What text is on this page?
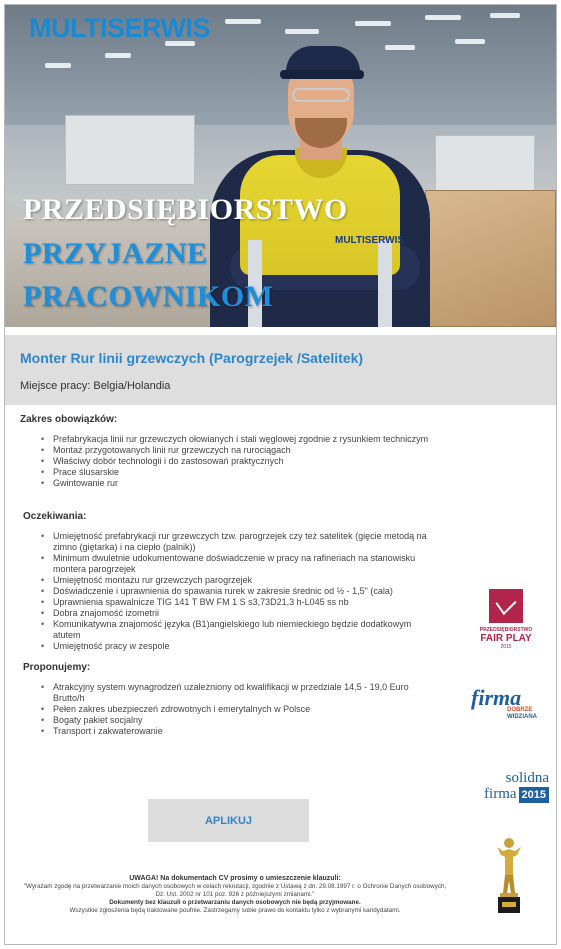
MULTISERWIS
MULTISERWIS
PRZEDSIĘBIORSTWO
PRZYJAZNE
PRACOWNIKOM
Monter Rur linii grzewczych (Parogrzejek /Satelitek)
Miejsce pracy: Belgia/Holandia
Zakres obowiązków:
• Prefabrykacja linii rur grzewczych ołowianych i stali węglowej zgodnie z rysunkiem techniczym
• Montaż przygotowanych linii rur grzewczych na rurociągach
• Właściwy dobór technologii i do zastosowań praktycznych
• Prace ślusarskie
• Gwintowanie rur
Oczekiwania:
• Umiejętność prefabrykacji rur grzewczych tzw. parogrzejek czy też satelitek (gięcie metodą na zimno (giętarka) i na ciepło (palnik))
• Minimum dwuletnie udokumentowane doświadczenie w pracy na rafineriach na stanowisku montera parogrzejek
• Umiejętność montażu rur grzewczych parogrzejek
• Doświadczenie i uprawnienia do spawania rurek w zakresie średnic od ½ - 1,5" (cala)
• Uprawnienia spawalnicze TIG 141 T BW FM 1 S s3,73D21,3 h-L045 ss nb
• Dobra znajomość izometrii
• Komunikatywna znajomość języka (B1)angielskiego lub niemieckiego będzie dodatkowym atutem
• Umiejętność pracy w zespole
Proponujemy:
• Atrakcyjny system wynagrodzeń uzależniony od kwalifikacji w przedziale 14,5 - 19,0 Euro Brutto/h
• Pełen zakres ubezpieczeń zdrowotnych i emerytalnych w Polsce
• Bogaty pakiet socjalny
• Transport i zakwaterowanie
PRZEDSIĘBIORSTWO
FAIR PLAY
2015
firma
DOBRZE
WIDZIANA
solidna
firma 2015
APLIKUJ
UWAGA! Na dokumentach CV prosimy o umieszczenie klauzuli:
"Wyrażam zgodę na przetwarzanie moich danych osobowych w celach rekrutacji, zgodnie z Ustawą z dn. 29.08.1997 r. o Ochronie Danych osobowych, Dz. Ust. 2002 nr 101 poz. 926 z późniejszymi zmianami."
Dokumenty bez klauzuli o przetwarzaniu danych osobowych nie będą przyjmowane.
Wszystkie zgłoszenia będą traktowane poufnie. Zastrzegamy sobie prawo do kontaktu tylko z wybranymi kandydatami.
